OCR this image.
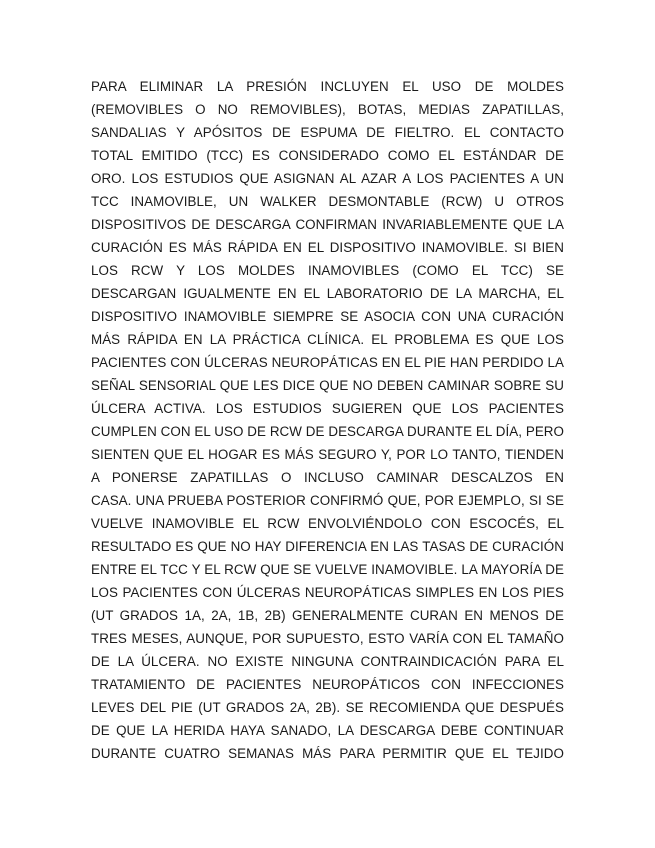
PARA ELIMINAR LA PRESIÓN INCLUYEN EL USO DE MOLDES
(REMOVIBLES O NO REMOVIBLES), BOTAS, MEDIAS ZAPATILLAS,
SANDALIAS Y APÓSITOS DE ESPUMA DE FIELTRO. EL CONTACTO
TOTAL EMITIDO (TCC) ES CONSIDERADO COMO EL ESTÁNDAR DE
ORO. LOS ESTUDIOS QUE ASIGNAN AL AZAR A LOS PACIENTES A UN
TCC INAMOVIBLE, UN WALKER DESMONTABLE (RCW) U OTROS
DISPOSITIVOS DE DESCARGA CONFIRMAN INVARIABLEMENTE QUE LA
CURACIÓN ES MÁS RÁPIDA EN EL DISPOSITIVO INAMOVIBLE. SI BIEN
LOS RCW Y LOS MOLDES INAMOVIBLES (COMO EL TCC) SE
DESCARGAN IGUALMENTE EN EL LABORATORIO DE LA MARCHA, EL
DISPOSITIVO INAMOVIBLE SIEMPRE SE ASOCIA CON UNA CURACIÓN
MÁS RÁPIDA EN LA PRÁCTICA CLÍNICA. EL PROBLEMA ES QUE LOS
PACIENTES CON ÚLCERAS NEUROPÁTICAS EN EL PIE HAN PERDIDO LA
SEÑAL SENSORIAL QUE LES DICE QUE NO DEBEN CAMINAR SOBRE SU
ÚLCERA ACTIVA. LOS ESTUDIOS SUGIEREN QUE LOS PACIENTES
CUMPLEN CON EL USO DE RCW DE DESCARGA DURANTE EL DÍA, PERO
SIENTEN QUE EL HOGAR ES MÁS SEGURO Y, POR LO TANTO, TIENDEN
A PONERSE ZAPATILLAS O INCLUSO CAMINAR DESCALZOS EN
CASA. UNA PRUEBA POSTERIOR CONFIRMÓ QUE, POR EJEMPLO, SI SE
VUELVE INAMOVIBLE EL RCW ENVOLVIÉNDOLO CON ESCOCÉS, EL
RESULTADO ES QUE NO HAY DIFERENCIA EN LAS TASAS DE CURACIÓN
ENTRE EL TCC Y EL RCW QUE SE VUELVE INAMOVIBLE. LA MAYORÍA DE
LOS PACIENTES CON ÚLCERAS NEUROPÁTICAS SIMPLES EN LOS PIES
(UT GRADOS 1A, 2A, 1B, 2B) GENERALMENTE CURAN EN MENOS DE
TRES MESES, AUNQUE, POR SUPUESTO, ESTO VARÍA CON EL TAMAÑO
DE LA ÚLCERA. NO EXISTE NINGUNA CONTRAINDICACIÓN PARA EL
TRATAMIENTO DE PACIENTES NEUROPÁTICOS CON INFECCIONES
LEVES DEL PIE (UT GRADOS 2A, 2B). SE RECOMIENDA QUE DESPUÉS
DE QUE LA HERIDA HAYA SANADO, LA DESCARGA DEBE CONTINUAR
DURANTE CUATRO SEMANAS MÁS PARA PERMITIR QUE EL TEJIDO
